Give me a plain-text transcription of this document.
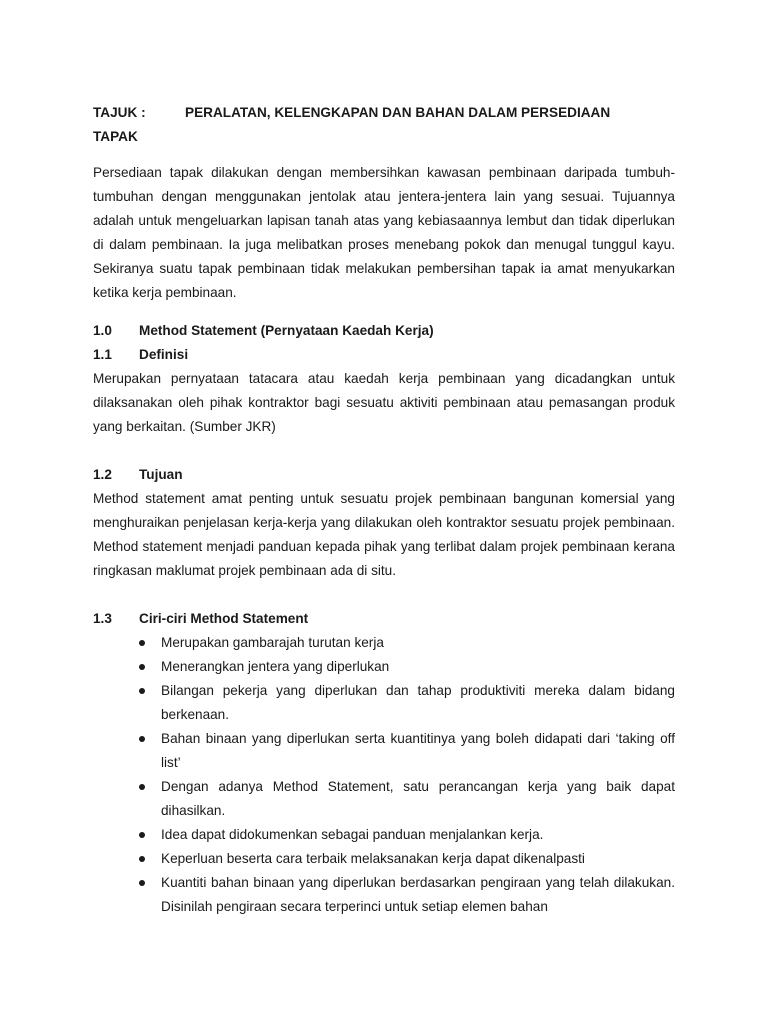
TAJUK :	PERALATAN, KELENGKAPAN DAN BAHAN DALAM PERSEDIAAN
TAPAK

Persediaan tapak dilakukan dengan membersihkan kawasan pembinaan daripada tumbuh-tumbuhan dengan menggunakan jentolak atau jentera-jentera lain yang sesuai. Tujuannya adalah untuk mengeluarkan lapisan tanah atas yang kebiasaannya lembut dan tidak diperlukan di dalam pembinaan. Ia juga melibatkan proses menebang pokok dan menugal tunggul kayu. Sekiranya suatu tapak pembinaan tidak melakukan pembersihan tapak ia amat menyukarkan ketika kerja pembinaan.

1.0	Method Statement (Pernyataan Kaedah Kerja)
1.1	Definisi

Merupakan pernyataan tatacara atau kaedah kerja pembinaan yang dicadangkan untuk dilaksanakan oleh pihak kontraktor bagi sesuatu aktiviti pembinaan atau pemasangan produk yang berkaitan. (Sumber JKR)

1.2	Tujuan

Method statement amat penting untuk sesuatu projek pembinaan bangunan komersial yang menghuraikan penjelasan kerja-kerja yang dilakukan oleh kontraktor sesuatu projek pembinaan. Method statement menjadi panduan kepada pihak yang terlibat dalam projek pembinaan kerana ringkasan maklumat projek pembinaan ada di situ.

1.3	Ciri-ciri Method Statement
Merupakan gambarajah turutan kerja
Menerangkan jentera yang diperlukan
Bilangan pekerja yang diperlukan dan tahap produktiviti mereka dalam bidang berkenaan.
Bahan binaan yang diperlukan serta kuantitinya yang boleh didapati dari ‘taking off list’
Dengan adanya Method Statement, satu perancangan kerja yang baik dapat dihasilkan.
Idea dapat didokumenkan sebagai panduan menjalankan kerja.
Keperluan beserta cara terbaik melaksanakan kerja dapat dikenalpasti
Kuantiti bahan binaan yang diperlukan berdasarkan pengiraan yang telah dilakukan. Disinilah pengiraan secara terperinci untuk setiap elemen bahan
